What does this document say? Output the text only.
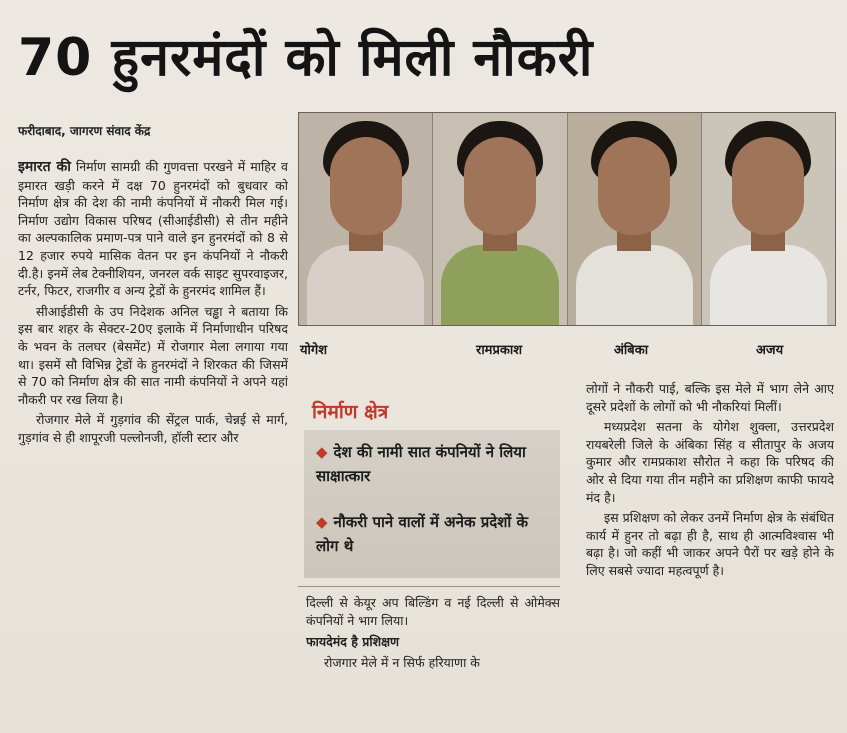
70 हुनरमंदों को मिली नौकरी
फरीदाबाद, जागरण संवाद केंद्र

इमारत की निर्माण सामग्री की गुणवत्ता परखने में माहिर व इमारत खड़ी करने में दक्ष 70 हुनरमंदों को बुधवार को निर्माण क्षेत्र की देश की नामी कंपनियों में नौकरी मिल गई। निर्माण उद्योग विकास परिषद (सीआईडीसी) से तीन महीने का अल्पकालिक प्रमाण-पत्र पाने वाले इन हुनरमंदों को 8 से 12 हजार रुपये मासिक वेतन पर इन कंपनियों ने नौकरी दी.है। इनमें लेब टेक्नीशियन, जनरल वर्क साइट सुपरवाइजर, टर्नर, फिटर, राजगीर व अन्य ट्रेडों के हुनरमंद शामिल हैं।

सीआईडीसी के उप निदेशक अनिल चड्ढा ने बताया कि इस बार शहर के सेक्टर-20ए इलाके में निर्माणाधीन परिषद के भवन के तलघर (बेसमेंट) में रोजगार मेला लगाया गया था। इसमें सौ विभिन्न ट्रेडों के हुनरमंदों ने शिरकत की जिसमें से 70 को निर्माण क्षेत्र की सात नामी कंपनियों ने अपने यहां नौकरी पर रख लिया है।

रोजगार मेले में गुड़गांव की सेंट्रल पार्क, चेन्नई से मार्ग, गुड़गांव से ही शापूरजी पल्लोनजी, हॉली स्टार और

योगेश	रामप्रकाश	अंबिका	अजय
निर्माण क्षेत्र
◆ देश की नामी सात कंपनियों ने लिया साक्षात्कार
◆ नौकरी पाने वालों में अनेक प्रदेशों के लोग थे

दिल्ली से केयूर अप बिल्डिंग व नई दिल्ली से ओमेक्स कंपनियों ने भाग लिया।

फायदेमंद है प्रशिक्षण

रोजगार मेले में न सिर्फ हरियाणा के

लोगों ने नौकरी पाई, बल्कि इस मेले में भाग लेने आए दूसरे प्रदेशों के लोगों को भी नौकरियां मिलीं।

मध्यप्रदेश सतना के योगेश शुक्ला, उत्तरप्रदेश रायबरेली जिले के अंबिका सिंह व सीतापुर के अजय कुमार और रामप्रकाश सौरोत ने कहा कि परिषद की ओर से दिया गया तीन महीने का प्रशिक्षण काफी फायदे मंद है।

इस प्रशिक्षण को लेकर उनमें निर्माण क्षेत्र के संबंधित कार्य में हुनर तो बढ़ा ही है, साथ ही आत्मविश्वास भी बढ़ा है। जो कहीं भी जाकर अपने पैरों पर खड़े होने के लिए सबसे ज्यादा महत्वपूर्ण है।
